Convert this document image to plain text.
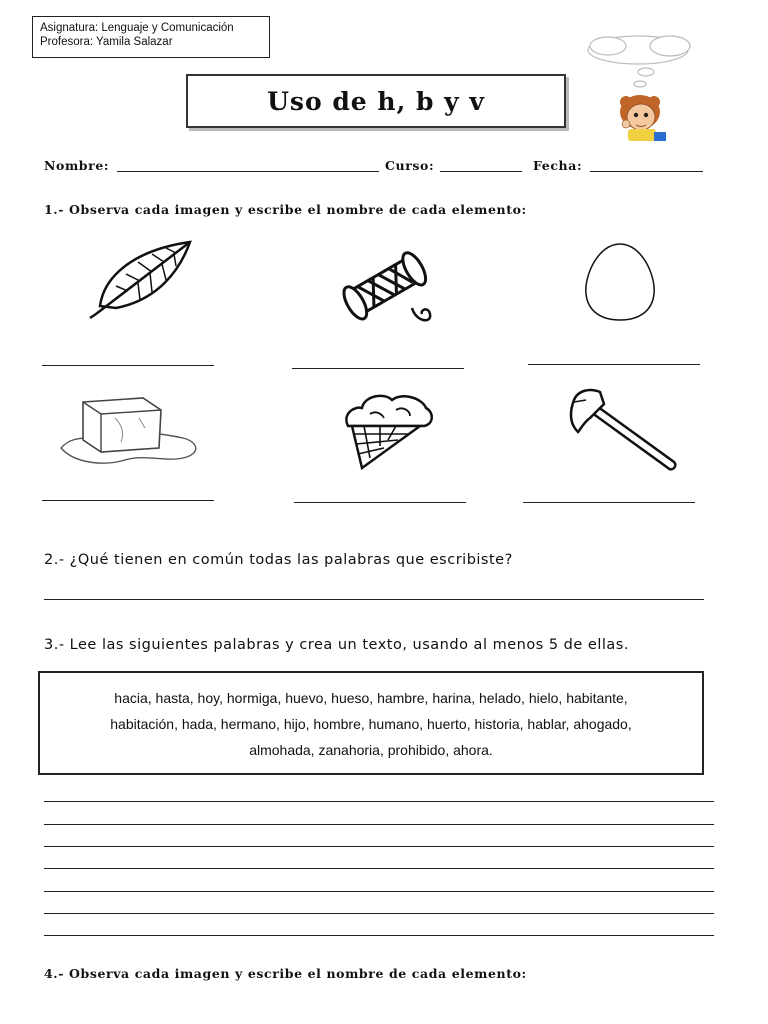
Asignatura: Lenguaje y Comunicación
Profesora: Yamila Salazar
Uso de h, b y v
Nombre:	Curso:	Fecha:
1.- Observa cada imagen y escribe el nombre de cada elemento:
2.- ¿Qué tienen en común todas las palabras que escribiste?
3.- Lee las siguientes palabras y crea un texto, usando al menos 5 de ellas.
hacia, hasta, hoy, hormiga, huevo, hueso, hambre, harina, helado, hielo, habitante,
habitación, hada, hermano, hijo, hombre, humano, huerto, historia, hablar, ahogado,
almohada, zanahoria, prohibido, ahora.
4.- Observa cada imagen y escribe el nombre de cada elemento:
